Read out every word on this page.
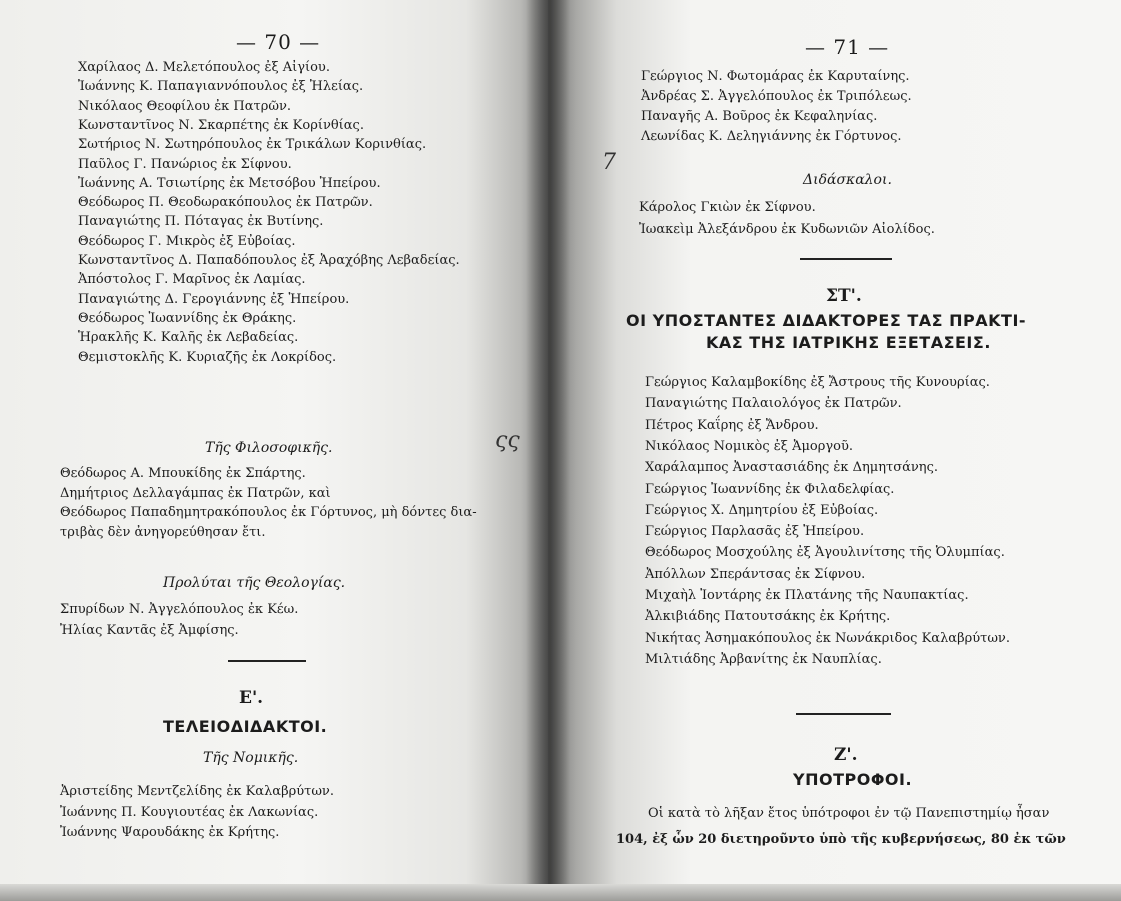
— 70 —
Χαρίλαος Δ. Μελετόπουλος ἐξ Αἰγίου.
Ἰωάννης Κ. Παπαγιαννόπουλος ἐξ Ἠλείας.
Νικόλαος Θεοφίλου ἐκ Πατρῶν.
Κωνσταντῖνος Ν. Σκαρπέτης ἐκ Κορίνθίας.
Σωτήριος Ν. Σωτηρόπουλος ἐκ Τρικάλων Κορινθίας.
Παῦλος Γ. Πανώριος ἐκ Σίφνου.
Ἰωάννης Α. Τσιωτίρης ἐκ Μετσόβου Ἠπείρου.
Θεόδωρος Π. Θεοδωρακόπουλος ἐκ Πατρῶν.
Παναγιώτης Π. Πόταγας ἐκ Βυτίνης.
Θεόδωρος Γ. Μικρὸς ἐξ Εὐβοίας.
Κωνσταντῖνος Δ. Παπαδόπουλος ἐξ Ἀραχόβης Λεβαδείας.
Ἀπόστολος Γ. Μαρῖνος ἐκ Λαμίας.
Παναγιώτης Δ. Γερογιάννης ἐξ Ἠπείρου.
Θεόδωρος Ἰωαννίδης ἐκ Θράκης.
Ἡρακλῆς Κ. Καλῆς ἐκ Λεβαδείας.
Θεμιστοκλῆς Κ. Κυριαζῆς ἐκ Λοκρίδος.
Τῆς Φιλοσοφικῆς.
Θεόδωρος Α. Μπουκίδης ἐκ Σπάρτης.
Δημήτριος Δελλαγάμπας ἐκ Πατρῶν, καὶ
Θεόδωρος Παπαδημητρακόπουλος ἐκ Γόρτυνος, μὴ δόντες δια-
τριβὰς δὲν ἀνηγορεύθησαν ἔτι.
Προλύται τῆς Θεολογίας.
Σπυρίδων Ν. Ἀγγελόπουλος ἐκ Κέω.
Ἠλίας Καντᾶς ἐξ Ἀμφίσης.
Ε'.
ΤΕΛΕΙΟΔΙΔΑΚΤΟΙ.
Τῆς Νομικῆς.
Ἀριστείδης Μεντζελίδης ἐκ Καλαβρύτων.
Ἰωάννης Π. Κουγιουτέας ἐκ Λακωνίας.
Ἰωάννης Ψαρουδάκης ἐκ Κρήτης.
— 71 —
Γεώργιος Ν. Φωτομάρας ἐκ Καρυταίνης.
Ἀνδρέας Σ. Ἀγγελόπουλος ἐκ Τριπόλεως.
Παναγῆς Α. Βοῦρος ἐκ Κεφαληνίας.
Λεωνίδας Κ. Δεληγιάννης ἐκ Γόρτυνος.
Διδάσκαλοι.
Κάρολος Γκιὼν ἐκ Σίφνου.
Ἰωακεὶμ Ἀλεξάνδρου ἐκ Κυδωνιῶν Αἰολίδος.
ΣΤ'.
ΟΙ ΥΠΟΣΤΑΝΤΕΣ ΔΙΔΑΚΤΟΡΕΣ ΤΑΣ ΠΡΑΚΤΙ-
ΚΑΣ ΤΗΣ ΙΑΤΡΙΚΗΣ ΕΞΕΤΑΣΕΙΣ.
Γεώργιος Καλαμβοκίδης ἐξ Ἄστρους τῆς Κυνουρίας.
Παναγιώτης Παλαιολόγος ἐκ Πατρῶν.
Πέτρος Καΐρης ἐξ Ἄνδρου.
Νικόλαος Νομικὸς ἐξ Ἀμοργοῦ.
Χαράλαμπος Ἀναστασιάδης ἐκ Δημητσάνης.
Γεώργιος Ἰωαννίδης ἐκ Φιλαδελφίας.
Γεώργιος Χ. Δημητρίου ἐξ Εὐβοίας.
Γεώργιος Παρλασᾶς ἐξ Ἠπείρου.
Θεόδωρος Μοσχούλης ἐξ Ἀγουλινίτσης τῆς Ὀλυμπίας.
Ἀπόλλων Σπεράντσας ἐκ Σίφνου.
Μιχαὴλ Ἰοντάρης ἐκ Πλατάνης τῆς Ναυπακτίας.
Ἀλκιβιάδης Πατουτσάκης ἐκ Κρήτης.
Νικήτας Ἀσημακόπουλος ἐκ Νωνάκριδος Καλαβρύτων.
Μιλτιάδης Ἀρβανίτης ἐκ Ναυπλίας.
Ζ'.
ΥΠΟΤΡΟΦΟΙ.
Οἱ κατὰ τὸ λῆξαν ἔτος ὑπότροφοι ἐν τῷ Πανεπιστημίῳ ἦσαν
104, ἐξ ὧν 20 διετηροῦντο ὑπὸ τῆς κυβερνήσεως, 80 ἐκ τῶν
ςς
7
